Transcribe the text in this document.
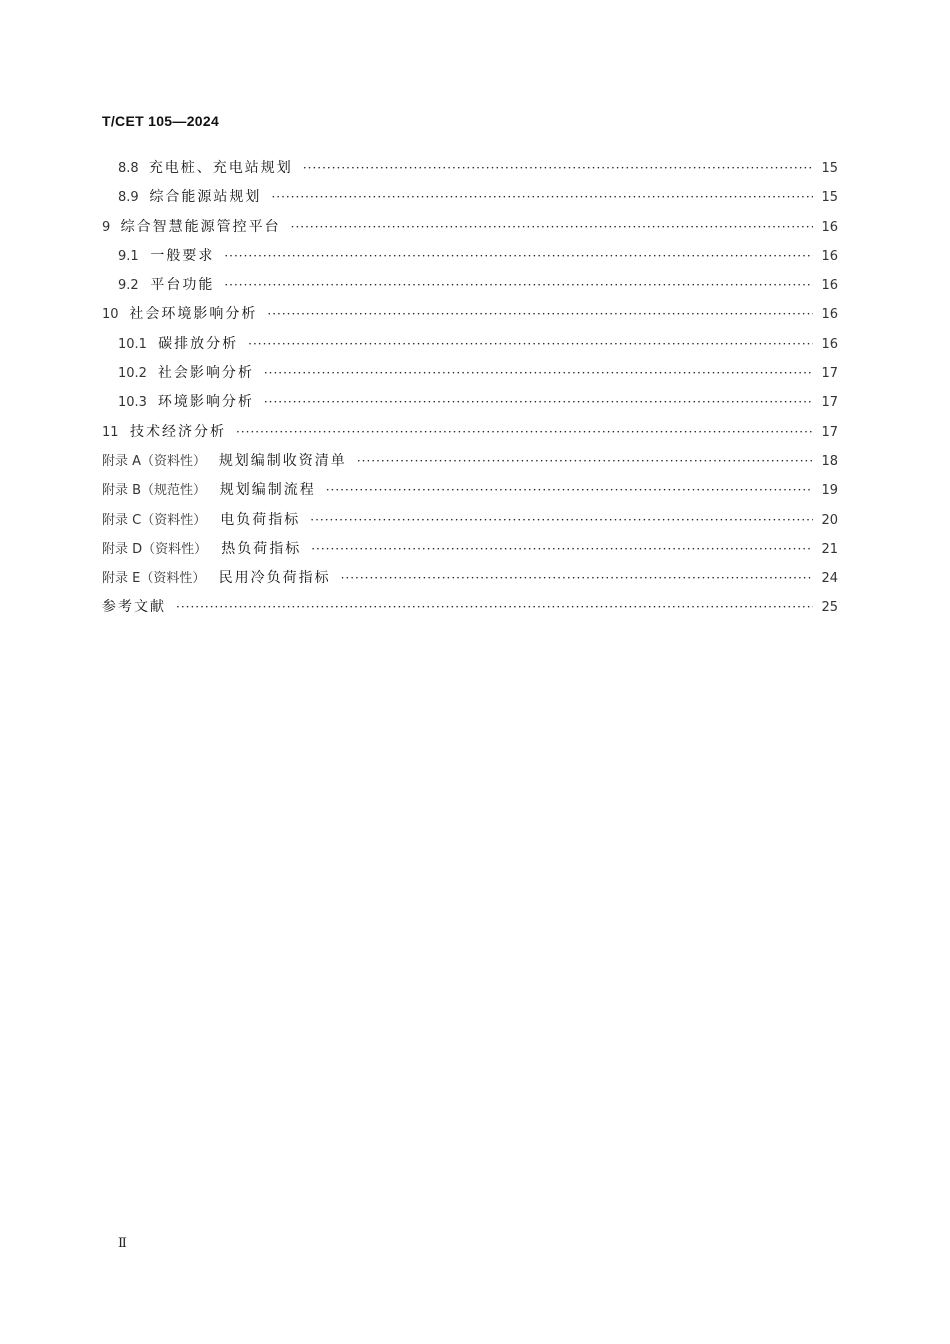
T/CET 105—2024
8.8 充电桩、充电站规划 ·····	15
8.9 综合能源站规划 ·····	15
9 综合智慧能源管控平台 ·····	16
9.1 一般要求 ·····	16
9.2 平台功能 ·····	16
10 社会环境影响分析 ·····	16
10.1 碳排放分析 ·····	16
10.2 社会影响分析 ·····	17
10.3 环境影响分析 ·····	17
11 技术经济分析 ·····	17
附录 A（资料性） 规划编制收资清单 ·····	18
附录 B（规范性） 规划编制流程 ·····	19
附录 C（资料性） 电负荷指标 ·····	20
附录 D（资料性） 热负荷指标 ·····	21
附录 E（资料性） 民用冷负荷指标 ·····	24
参考文献 ·····	25
Ⅱ
